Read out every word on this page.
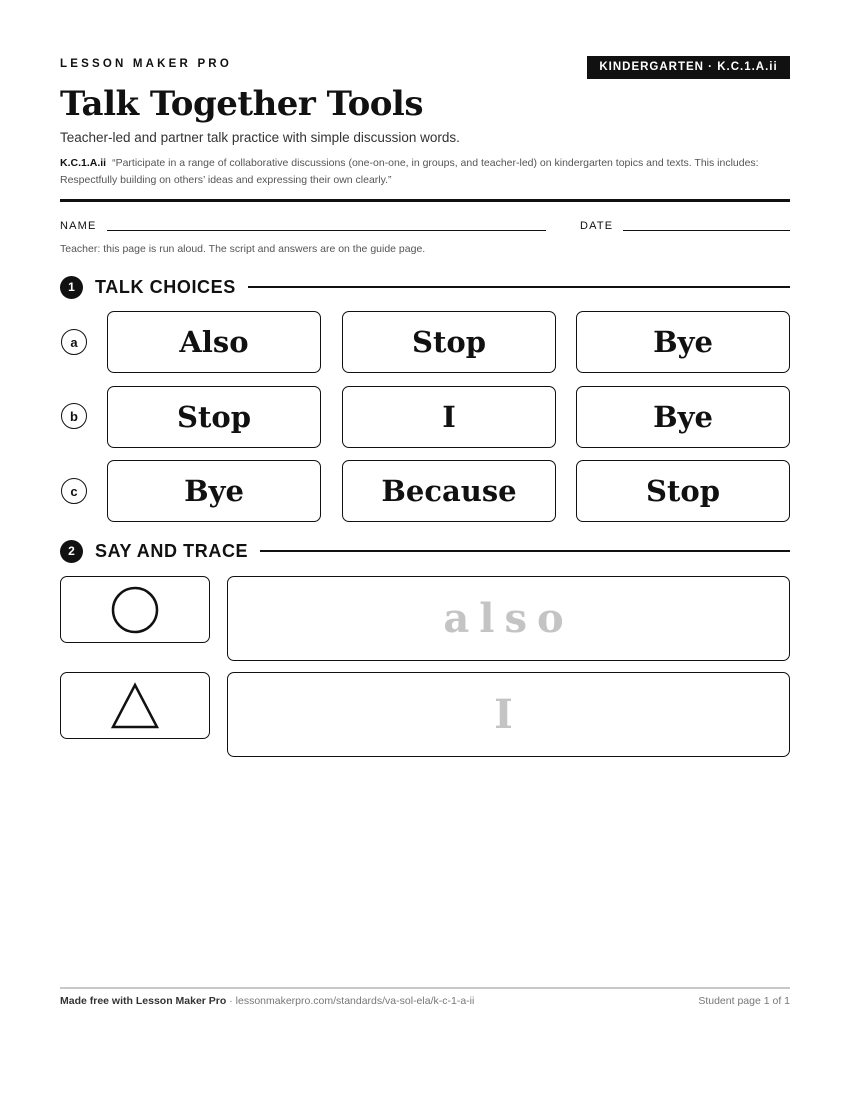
LESSON MAKER PRO	KINDERGARTEN · K.C.1.A.ii
Talk Together Tools
Teacher-led and partner talk practice with simple discussion words.
K.C.1.A.ii “Participate in a range of collaborative discussions (one-on-one, in groups, and teacher-led) on kindergarten topics and texts. This includes: Respectfully building on others’ ideas and expressing their own clearly.”
NAME	DATE
Teacher: this page is run aloud. The script and answers are on the guide page.
1	TALK CHOICES
a	Also	Stop	Bye
b	Stop	I	Bye
c	Bye	Because	Stop
2	SAY AND TRACE
also
I
Made free with Lesson Maker Pro · lessonmakerpro.com/standards/va-sol-ela/k-c-1-a-ii	Student page 1 of 1
